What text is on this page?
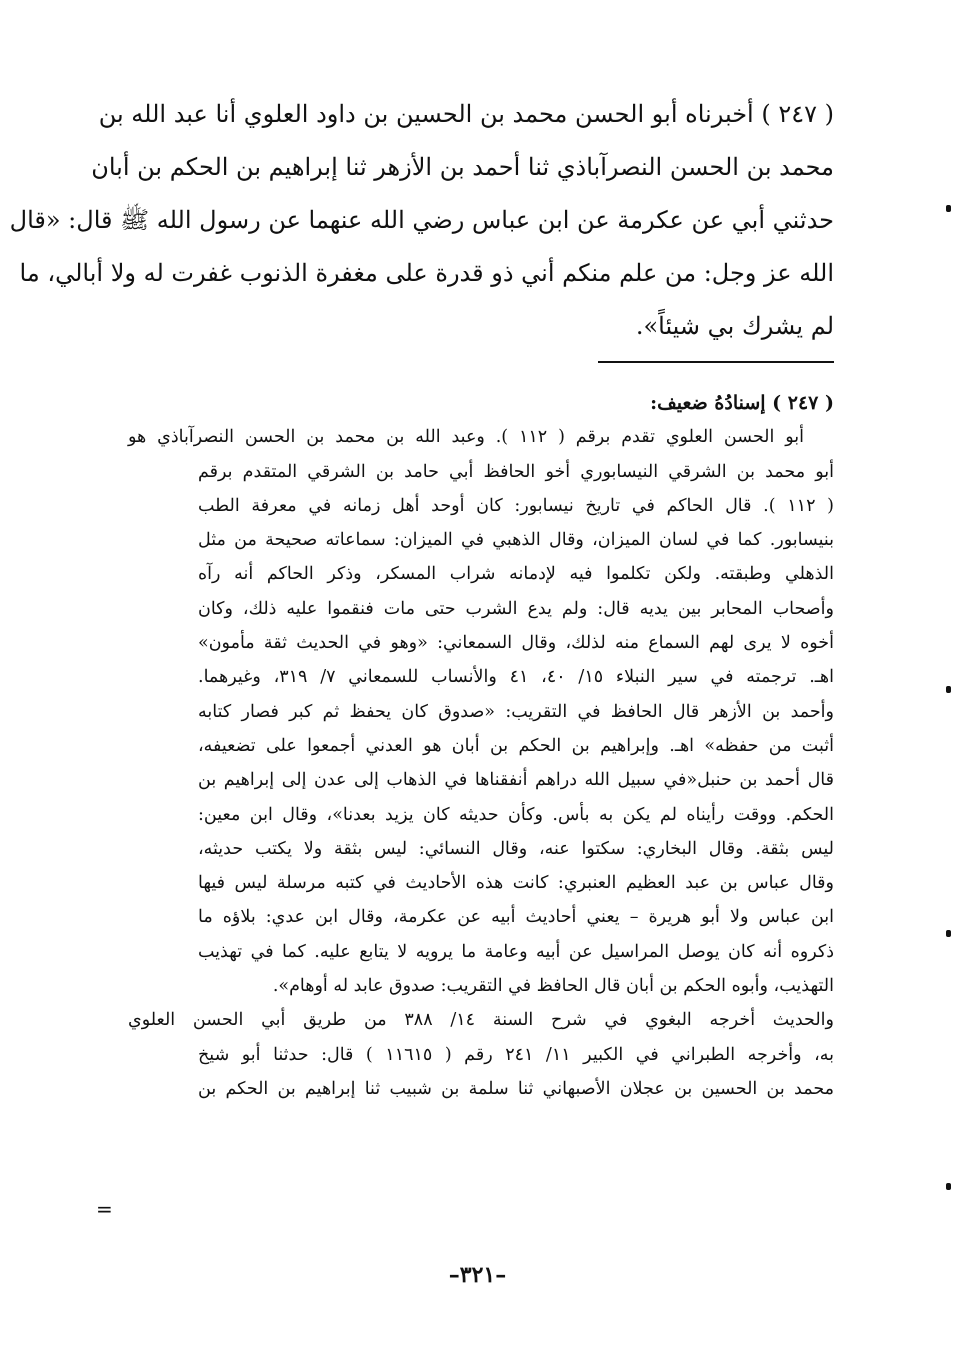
( ٢٤٧ ) أخبرناه أبو الحسن محمد بن الحسين بن داود العلوي أنا عبد الله بن
محمد بن الحسن النصرآباذي ثنا أحمد بن الأزهر ثنا إبراهيم بن الحكم بن أبان
حدثني أبي عن عكرمة عن ابن عباس رضي الله عنهما عن رسول الله ﷺ قال: «قال
الله عز وجل: من علم منكم أني ذو قدرة على مغفرة الذنوب غفرت له ولا أبالي، ما
لم يشرك بي شيئاً».
( ٢٤٧ ) إسنادُهُ ضعيف:
أبو الحسن العلوي تقدم برقم ( ١١٢ ). وعبد الله بن محمد بن الحسن النصرآباذي هو
أبو محمد بن الشرقي النيسابوري أخو الحافظ أبي حامد بن الشرقي المتقدم برقم
( ١١٢ ). قال الحاكم في تاريخ نيسابور: كان أوحد أهل زمانه في معرفة الطب
بنيسابور. كما في لسان الميزان، وقال الذهبي في الميزان: سماعاته صحيحة من مثل
الذهلي وطبقته. ولكن تكلموا فيه لإدمانه شراب المسكر، وذكر الحاكم أنه رآه
وأصحاب المحابر بين يديه قال: ولم يدع الشرب حتى مات فنقموا عليه ذلك، وكان
أخوه لا يرى لهم السماع منه لذلك، وقال السمعاني: «وهو في الحديث ثقة مأمون»
اهـ. ترجمته في سير النبلاء ١٥/ ٤٠، ٤١ والأنساب للسمعاني ٧/ ٣١٩، وغيرهما.
وأحمد بن الأزهر قال الحافظ في التقريب: «صدوق كان يحفظ ثم كبر فصار كتابه
أثبت من حفظه» اهـ. وإبراهيم بن الحكم بن أبان هو العدني أجمعوا على تضعيفه،
قال أحمد بن حنبل«في سبيل الله دراهم أنفقناها في الذهاب إلى عدن إلى إبراهيم بن
الحكم. ووقت رأيناه لم يكن به بأس. وكأن حديثه كان يزيد بعدنا»، وقال ابن معين:
ليس بثقة. وقال البخاري: سكتوا عنه، وقال النسائي: ليس بثقة ولا يكتب حديثه،
وقال عباس بن عبد العظيم العنبري: كانت هذه الأحاديث في كتبه مرسلة ليس فيها
ابن عباس ولا أبو هريرة – يعني أحاديث أبيه عن عكرمة، وقال ابن عدي: بلاؤه ما
ذكروه أنه كان يوصل المراسيل عن أبيه وعامة ما يرويه لا يتابع عليه. كما في تهذيب
التهذيب، وأبوه الحكم بن أبان قال الحافظ في التقريب: صدوق عابد له أوهام».
والحديث أخرجه البغوي في شرح السنة ١٤/ ٣٨٨ من طريق أبي الحسن العلوي
به، وأخرجه الطبراني في الكبير ١١/ ٢٤١ رقم ( ١١٦١٥ ) قال: حدثنا أبو شيخ
محمد بن الحسين بن عجلان الأصبهاني ثنا سلمة بن شبيب ثنا إبراهيم بن الحكم بن
=
–٣٢١–
